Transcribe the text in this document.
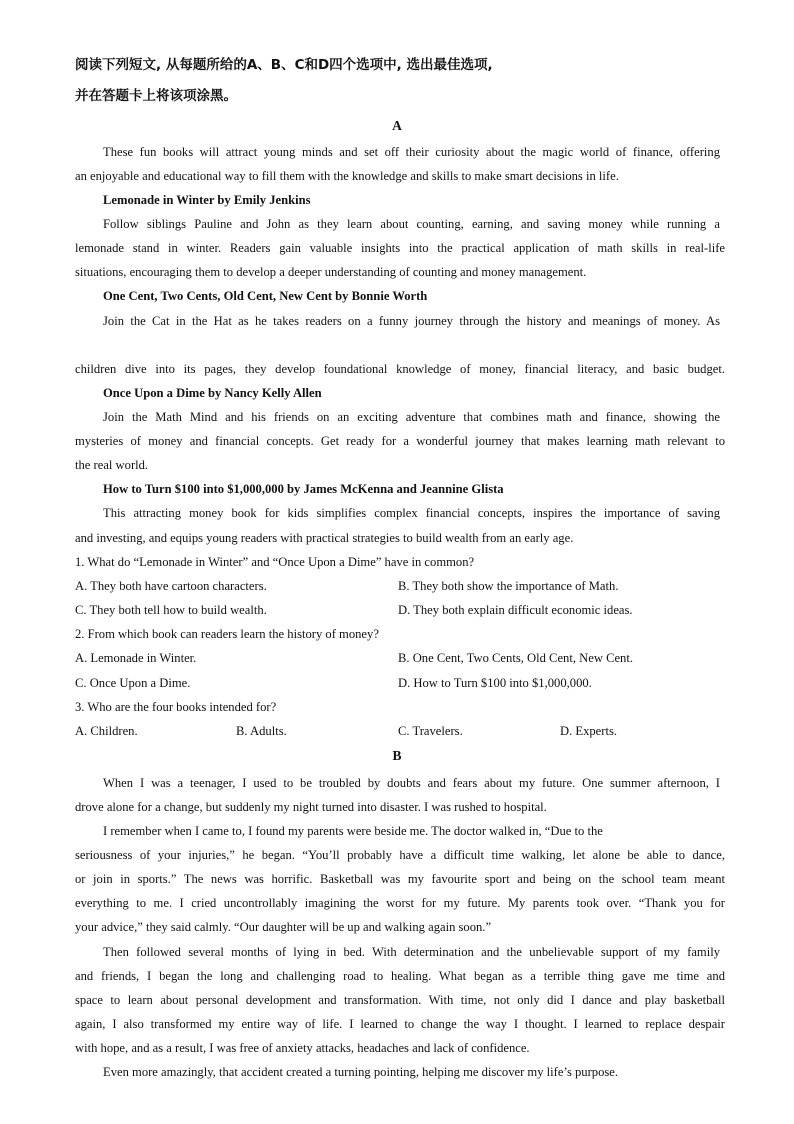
阅读下列短文, 从每题所给的A、B、C和D四个选项中, 选出最佳选项,
并在答题卡上将该项涂黑。
A
These fun books will attract young minds and set off their curiosity about the magic world of finance, offering
an enjoyable and educational way to fill them with the knowledge and skills to make smart decisions in life.
Lemonade in Winter by Emily Jenkins
Follow siblings Pauline and John as they learn about counting, earning, and saving money while running a
lemonade stand in winter. Readers gain valuable insights into the practical application of math skills in real-life
situations, encouraging them to develop a deeper understanding of counting and money management.
One Cent, Two Cents, Old Cent, New Cent by Bonnie Worth
Join the Cat in the Hat as he takes readers on a funny journey through the history and meanings of money. As
children dive into its pages, they develop foundational knowledge of money, financial literacy, and basic budget.
Once Upon a Dime by Nancy Kelly Allen
Join the Math Mind and his friends on an exciting adventure that combines math and finance, showing the
mysteries of money and financial concepts. Get ready for a wonderful journey that makes learning math relevant to
the real world.
How to Turn $100 into $1,000,000 by James McKenna and Jeannine Glista
This attracting money book for kids simplifies complex financial concepts, inspires the importance of saving
and investing, and equips young readers with practical strategies to build wealth from an early age.
1. What do “Lemonade in Winter” and “Once Upon a Dime” have in common?
A. They both have cartoon characters.	B. They both show the importance of Math.
C. They both tell how to build wealth.	D. They both explain difficult economic ideas.
2. From which book can readers learn the history of money?
A. Lemonade in Winter.	B. One Cent, Two Cents, Old Cent, New Cent.
C. Once Upon a Dime.	D. How to Turn $100 into $1,000,000.
3. Who are the four books intended for?
A. Children.	B. Adults.	C. Travelers.	D. Experts.
B
When I was a teenager, I used to be troubled by doubts and fears about my future. One summer afternoon, I
drove alone for a change, but suddenly my night turned into disaster. I was rushed to hospital.
I remember when I came to, I found my parents were beside me. The doctor walked in, “Due to the
seriousness of your injuries,” he began. “You’ll probably have a difficult time walking, let alone be able to dance,
or join in sports.” The news was horrific. Basketball was my favourite sport and being on the school team meant
everything to me. I cried uncontrollably imagining the worst for my future. My parents took over. “Thank you for
your advice,” they said calmly. “Our daughter will be up and walking again soon.”
Then followed several months of lying in bed. With determination and the unbelievable support of my family
and friends, I began the long and challenging road to healing. What began as a terrible thing gave me time and
space to learn about personal development and transformation. With time, not only did I dance and play basketball
again, I also transformed my entire way of life. I learned to change the way I thought. I learned to replace despair
with hope, and as a result, I was free of anxiety attacks, headaches and lack of confidence.
Even more amazingly, that accident created a turning pointing, helping me discover my life’s purpose.
